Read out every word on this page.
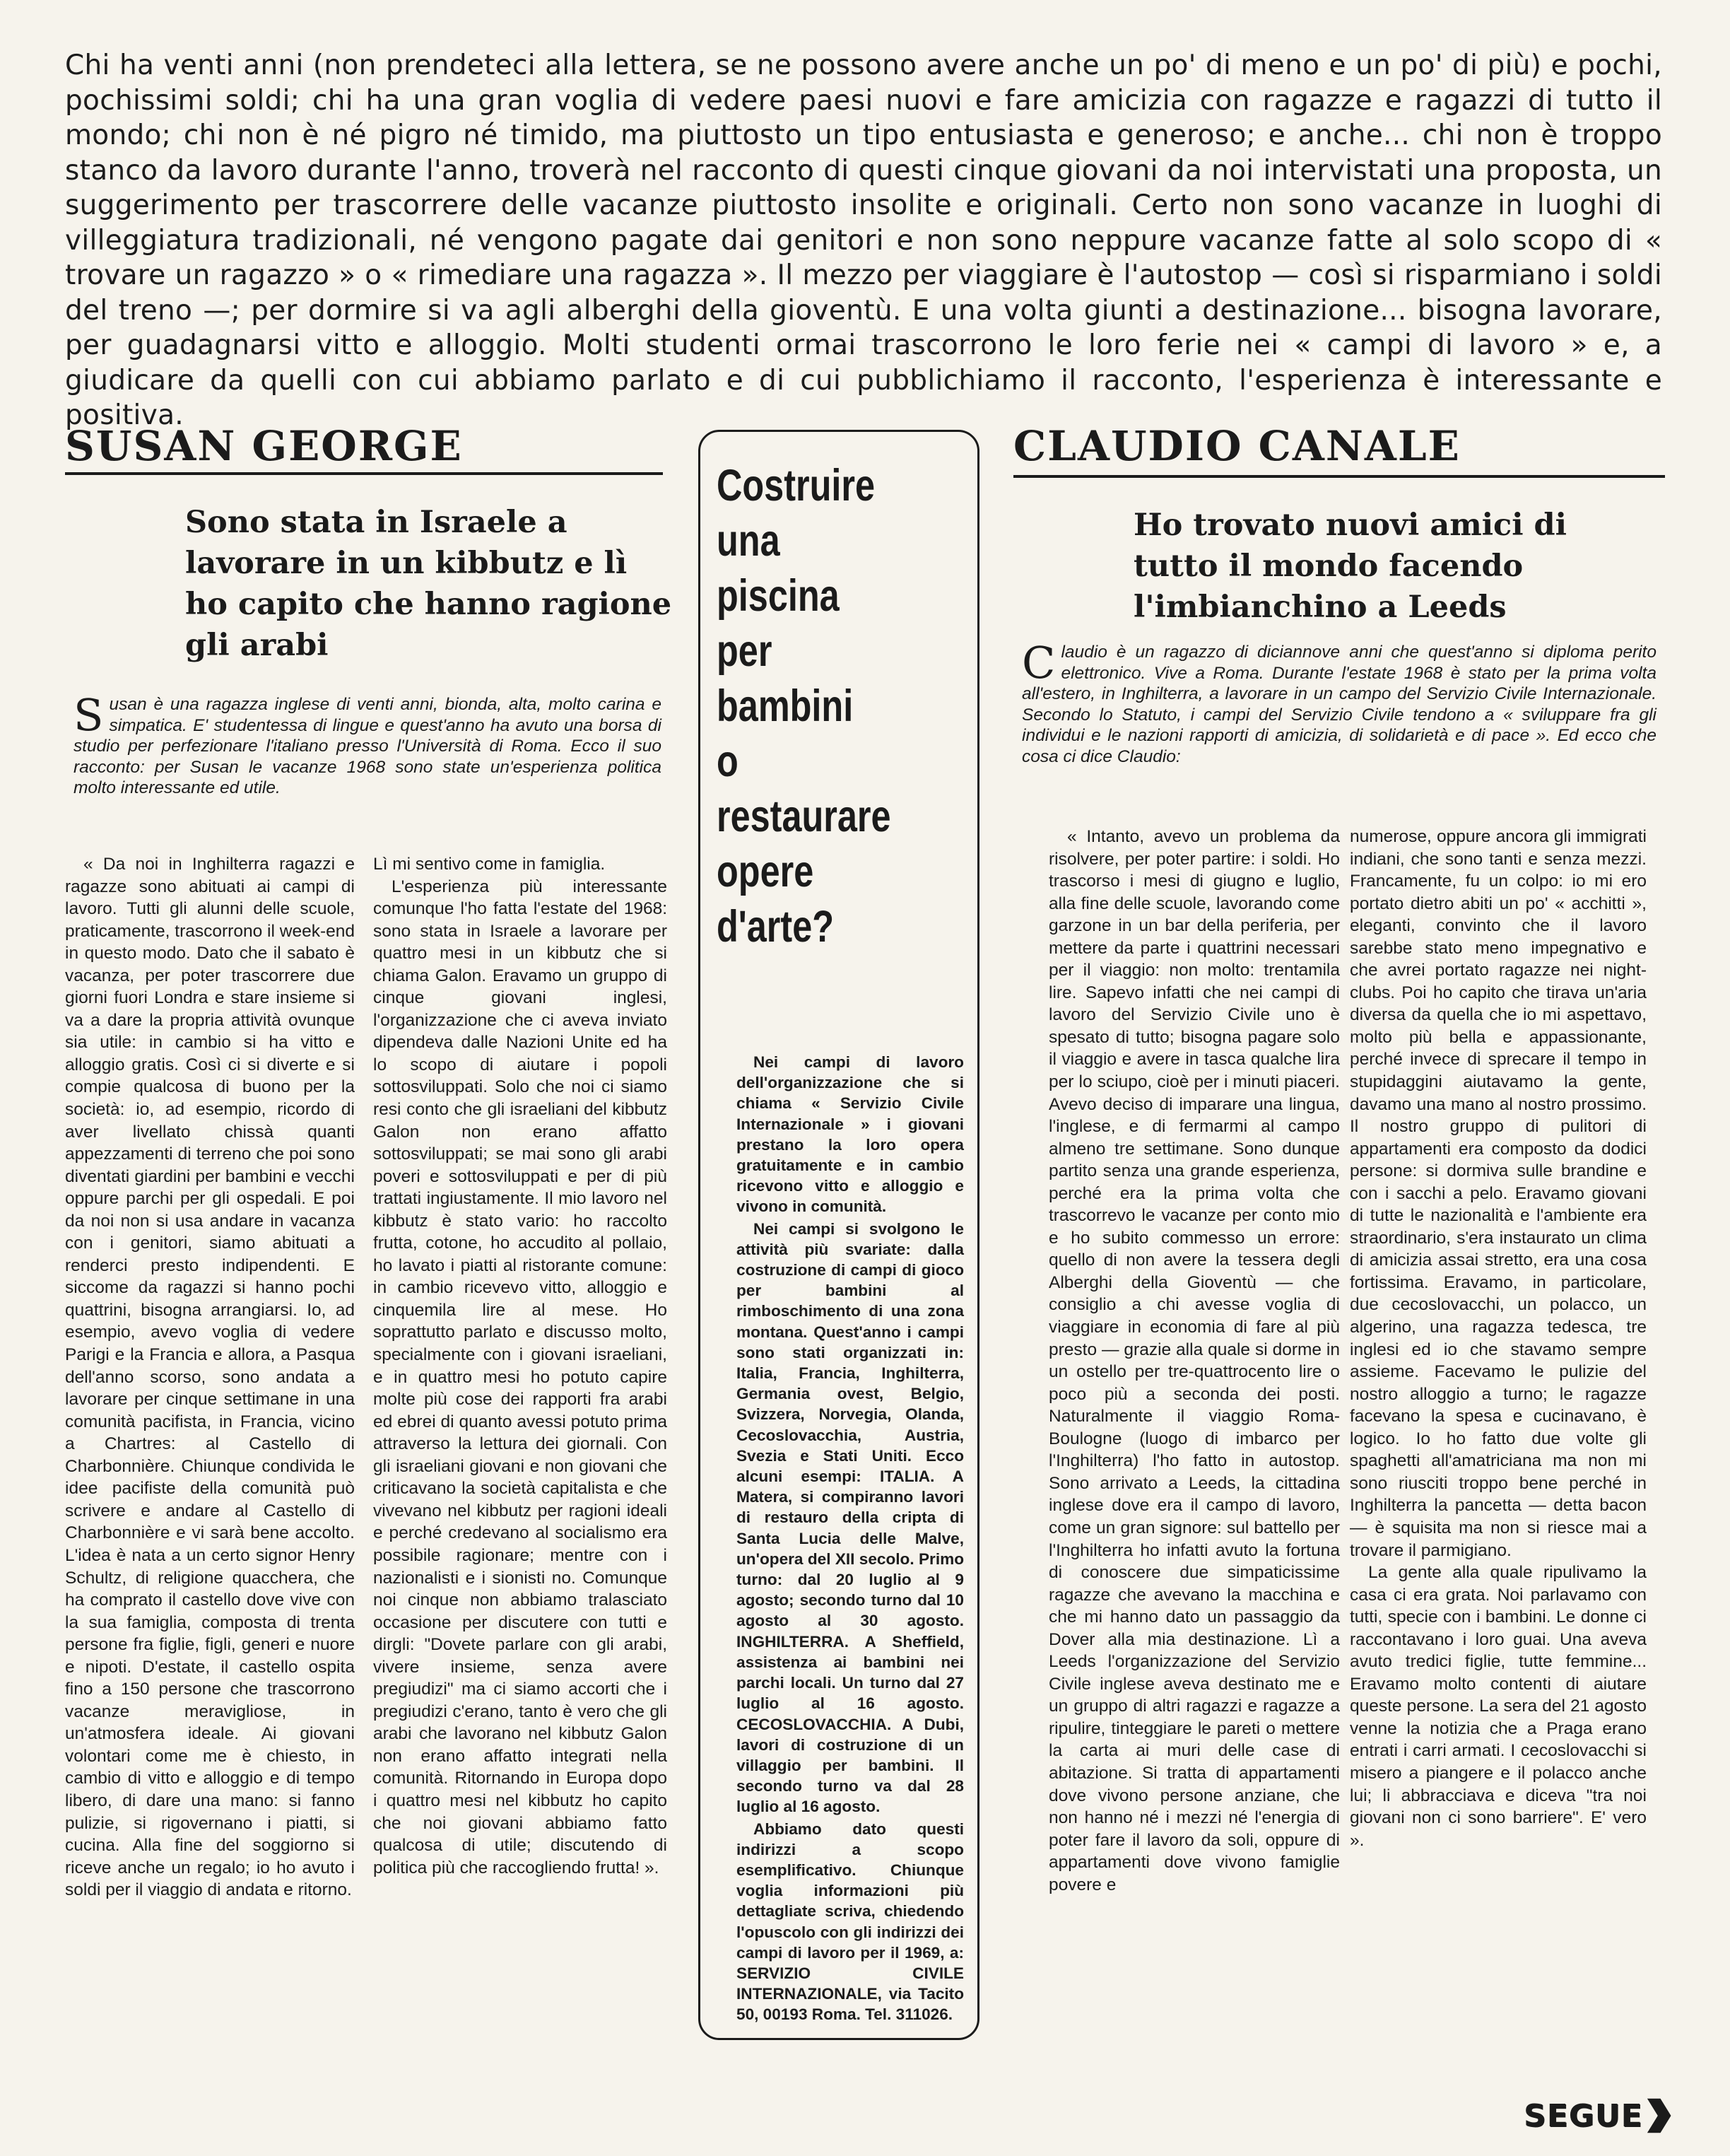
Chi ha venti anni (non prendeteci alla lettera, se ne possono avere anche un po' di meno e un po' di più) e pochi, pochissimi soldi; chi ha una gran voglia di vedere paesi nuovi e fare amicizia con ragazze e ragazzi di tutto il mondo; chi non è né pigro né timido, ma piuttosto un tipo entusiasta e generoso; e anche... chi non è troppo stanco da lavoro durante l'anno, troverà nel racconto di questi cinque giovani da noi intervistati una proposta, un suggerimento per trascorrere delle vacanze piuttosto insolite e originali. Certo non sono vacanze in luoghi di villeggiatura tradizionali, né vengono pagate dai genitori e non sono neppure vacanze fatte al solo scopo di « trovare un ragazzo » o « rimediare una ragazza ». Il mezzo per viaggiare è l'autostop — così si risparmiano i soldi del treno —; per dormire si va agli alberghi della gioventù. E una volta giunti a destinazione... bisogna lavorare, per guadagnarsi vitto e alloggio. Molti studenti ormai trascorrono le loro ferie nei « campi di lavoro » e, a giudicare da quelli con cui abbiamo parlato e di cui pubblichiamo il racconto, l'esperienza è interessante e positiva.
SUSAN GEORGE
Sono stata in Israele a lavorare in un kibbutz e lì ho capito che hanno ragione gli arabi
S usan è una ragazza inglese di venti anni, bionda, alta, molto carina e simpatica. E' studentessa di lingue e quest'anno ha avuto una borsa di studio per perfezionare l'italiano presso l'Università di Roma. Ecco il suo racconto: per Susan le vacanze 1968 sono state un'esperienza politica molto interessante ed utile.

« Da noi in Inghilterra ragazzi e ragazze sono abituati ai campi di lavoro. Tutti gli alunni delle scuole, praticamente, trascorrono il week-end in questo modo. Dato che il sabato è vacanza, per poter trascorrere due giorni fuori Londra e stare insieme si va a dare la propria attività ovunque sia utile: in cambio si ha vitto e alloggio gratis. Così ci si diverte e si compie qualcosa di buono per la società: io, ad esempio, ricordo di aver livellato chissà quanti appezzamenti di terreno che poi sono diventati giardini per bambini e vecchi oppure parchi per gli ospedali. E poi da noi non si usa andare in vacanza con i genitori, siamo abituati a renderci presto indipendenti. E siccome da ragazzi si hanno pochi quattrini, bisogna arrangiarsi. Io, ad esempio, avevo voglia di vedere Parigi e la Francia e allora, a Pasqua dell'anno scorso, sono andata a lavorare per cinque settimane in una comunità pacifista, in Francia, vicino a Chartres: al Castello di Charbonnière. Chiunque condivida le idee pacifiste della comunità può scrivere e andare al Castello di Charbonnière e vi sarà bene accolto. L'idea è nata a un certo signor Henry Schultz, di religione quacchera, che ha comprato il castello dove vive con la sua famiglia, composta di trenta persone fra figlie, figli, generi e nuore e nipoti. D'estate, il castello ospita fino a 150 persone che trascorrono vacanze meravigliose, in un'atmosfera ideale. Ai giovani volontari come me è chiesto, in cambio di vitto e alloggio e di tempo libero, di dare una mano: si fanno pulizie, si rigovernano i piatti, si cucina. Alla fine del soggiorno si riceve anche un regalo; io ho avuto i soldi per il viaggio di andata e ritorno.

Lì mi sentivo come in famiglia.

L'esperienza più interessante comunque l'ho fatta l'estate del 1968: sono stata in Israele a lavorare per quattro mesi in un kibbutz che si chiama Galon. Eravamo un gruppo di cinque giovani inglesi, l'organizzazione che ci aveva inviato dipendeva dalle Nazioni Unite ed ha lo scopo di aiutare i popoli sottosviluppati. Solo che noi ci siamo resi conto che gli israeliani del kibbutz Galon non erano affatto sottosviluppati; se mai sono gli arabi poveri e sottosviluppati e per di più trattati ingiustamente. Il mio lavoro nel kibbutz è stato vario: ho raccolto frutta, cotone, ho accudito al pollaio, ho lavato i piatti al ristorante comune: in cambio ricevevo vitto, alloggio e cinquemila lire al mese. Ho soprattutto parlato e discusso molto, specialmente con i giovani israeliani, e in quattro mesi ho potuto capire molte più cose dei rapporti fra arabi ed ebrei di quanto avessi potuto prima attraverso la lettura dei giornali. Con gli israeliani giovani e non giovani che criticavano la società capitalista e che vivevano nel kibbutz per ragioni ideali e perché credevano al socialismo era possibile ragionare; mentre con i nazionalisti e i sionisti no. Comunque noi cinque non abbiamo tralasciato occasione per discutere con tutti e dirgli: "Dovete parlare con gli arabi, vivere insieme, senza avere pregiudizi" ma ci siamo accorti che i pregiudizi c'erano, tanto è vero che gli arabi che lavorano nel kibbutz Galon non erano affatto integrati nella comunità. Ritornando in Europa dopo i quattro mesi nel kibbutz ho capito che noi giovani abbiamo fatto qualcosa di utile; discutendo di politica più che raccogliendo frutta! ».

Costruire
una
piscina
per
bambini
o
restaurare
opere
d'arte?

Nei campi di lavoro dell'organizzazione che si chiama « Servizio Civile Internazionale » i giovani prestano la loro opera gratuitamente e in cambio ricevono vitto e alloggio e vivono in comunità.

Nei campi si svolgono le attività più svariate: dalla costruzione di campi di gioco per bambini al rimboschimento di una zona montana. Quest'anno i campi sono stati organizzati in: Italia, Francia, Inghilterra, Germania ovest, Belgio, Svizzera, Norvegia, Olanda, Cecoslovacchia, Austria, Svezia e Stati Uniti. Ecco alcuni esempi: ITALIA. A Matera, si compiranno lavori di restauro della cripta di Santa Lucia delle Malve, un'opera del XII secolo. Primo turno: dal 20 luglio al 9 agosto; secondo turno dal 10 agosto al 30 agosto. INGHILTERRA. A Sheffield, assistenza ai bambini nei parchi locali. Un turno dal 27 luglio al 16 agosto. CECOSLOVACCHIA. A Dubi, lavori di costruzione di un villaggio per bambini. Il secondo turno va dal 28 luglio al 16 agosto.

Abbiamo dato questi indirizzi a scopo esemplificativo. Chiunque voglia informazioni più dettagliate scriva, chiedendo l'opuscolo con gli indirizzi dei campi di lavoro per il 1969, a: SERVIZIO CIVILE INTERNAZIONALE, via Tacito 50, 00193 Roma. Tel. 311026.

CLAUDIO CANALE
Ho trovato nuovi amici di tutto il mondo facendo l'imbianchino a Leeds
C laudio è un ragazzo di diciannove anni che quest'anno si diploma perito elettronico. Vive a Roma. Durante l'estate 1968 è stato per la prima volta all'estero, in Inghilterra, a lavorare in un campo del Servizio Civile Internazionale. Secondo lo Statuto, i campi del Servizio Civile tendono a « sviluppare fra gli individui e le nazioni rapporti di amicizia, di solidarietà e di pace ». Ed ecco che cosa ci dice Claudio:

« Intanto, avevo un problema da risolvere, per poter partire: i soldi. Ho trascorso i mesi di giugno e luglio, alla fine delle scuole, lavorando come garzone in un bar della periferia, per mettere da parte i quattrini necessari per il viaggio: non molto: trentamila lire. Sapevo infatti che nei campi di lavoro del Servizio Civile uno è spesato di tutto; bisogna pagare solo il viaggio e avere in tasca qualche lira per lo sciupo, cioè per i minuti piaceri. Avevo deciso di imparare una lingua, l'inglese, e di fermarmi al campo almeno tre settimane. Sono dunque partito senza una grande esperienza, perché era la prima volta che trascorrevo le vacanze per conto mio e ho subito commesso un errore: quello di non avere la tessera degli Alberghi della Gioventù — che consiglio a chi avesse voglia di viaggiare in economia di fare al più presto — grazie alla quale si dorme in un ostello per tre-quattrocento lire o poco più a seconda dei posti. Naturalmente il viaggio Roma-Boulogne (luogo di imbarco per l'Inghilterra) l'ho fatto in autostop. Sono arrivato a Leeds, la cittadina inglese dove era il campo di lavoro, come un gran signore: sul battello per l'Inghilterra ho infatti avuto la fortuna di conoscere due simpaticissime ragazze che avevano la macchina e che mi hanno dato un passaggio da Dover alla mia destinazione. Lì a Leeds l'organizzazione del Servizio Civile inglese aveva destinato me e un gruppo di altri ragazzi e ragazze a ripulire, tinteggiare le pareti o mettere la carta ai muri delle case di abitazione. Si tratta di appartamenti dove vivono persone anziane, che non hanno né i mezzi né l'energia di poter fare il lavoro da soli, oppure di appartamenti dove vivono famiglie povere e

numerose, oppure ancora gli immigrati indiani, che sono tanti e senza mezzi. Francamente, fu un colpo: io mi ero portato dietro abiti un po' « acchitti », eleganti, convinto che il lavoro sarebbe stato meno impegnativo e che avrei portato ragazze nei night-clubs. Poi ho capito che tirava un'aria diversa da quella che io mi aspettavo, molto più bella e appassionante, perché invece di sprecare il tempo in stupidaggini aiutavamo la gente, davamo una mano al nostro prossimo. Il nostro gruppo di pulitori di appartamenti era composto da dodici persone: si dormiva sulle brandine e con i sacchi a pelo. Eravamo giovani di tutte le nazionalità e l'ambiente era straordinario, s'era instaurato un clima di amicizia assai stretto, era una cosa fortissima. Eravamo, in particolare, due cecoslovacchi, un polacco, un algerino, una ragazza tedesca, tre inglesi ed io che stavamo sempre assieme. Facevamo le pulizie del nostro alloggio a turno; le ragazze facevano la spesa e cucinavano, è logico. Io ho fatto due volte gli spaghetti all'amatriciana ma non mi sono riusciti troppo bene perché in Inghilterra la pancetta — detta bacon — è squisita ma non si riesce mai a trovare il parmigiano.

La gente alla quale ripulivamo la casa ci era grata. Noi parlavamo con tutti, specie con i bambini. Le donne ci raccontavano i loro guai. Una aveva avuto tredici figlie, tutte femmine... Eravamo molto contenti di aiutare queste persone. La sera del 21 agosto venne la notizia che a Praga erano entrati i carri armati. I cecoslovacchi si misero a piangere e il polacco anche lui; li abbracciava e diceva "tra noi giovani non ci sono barriere". E' vero ».

SEGUE
